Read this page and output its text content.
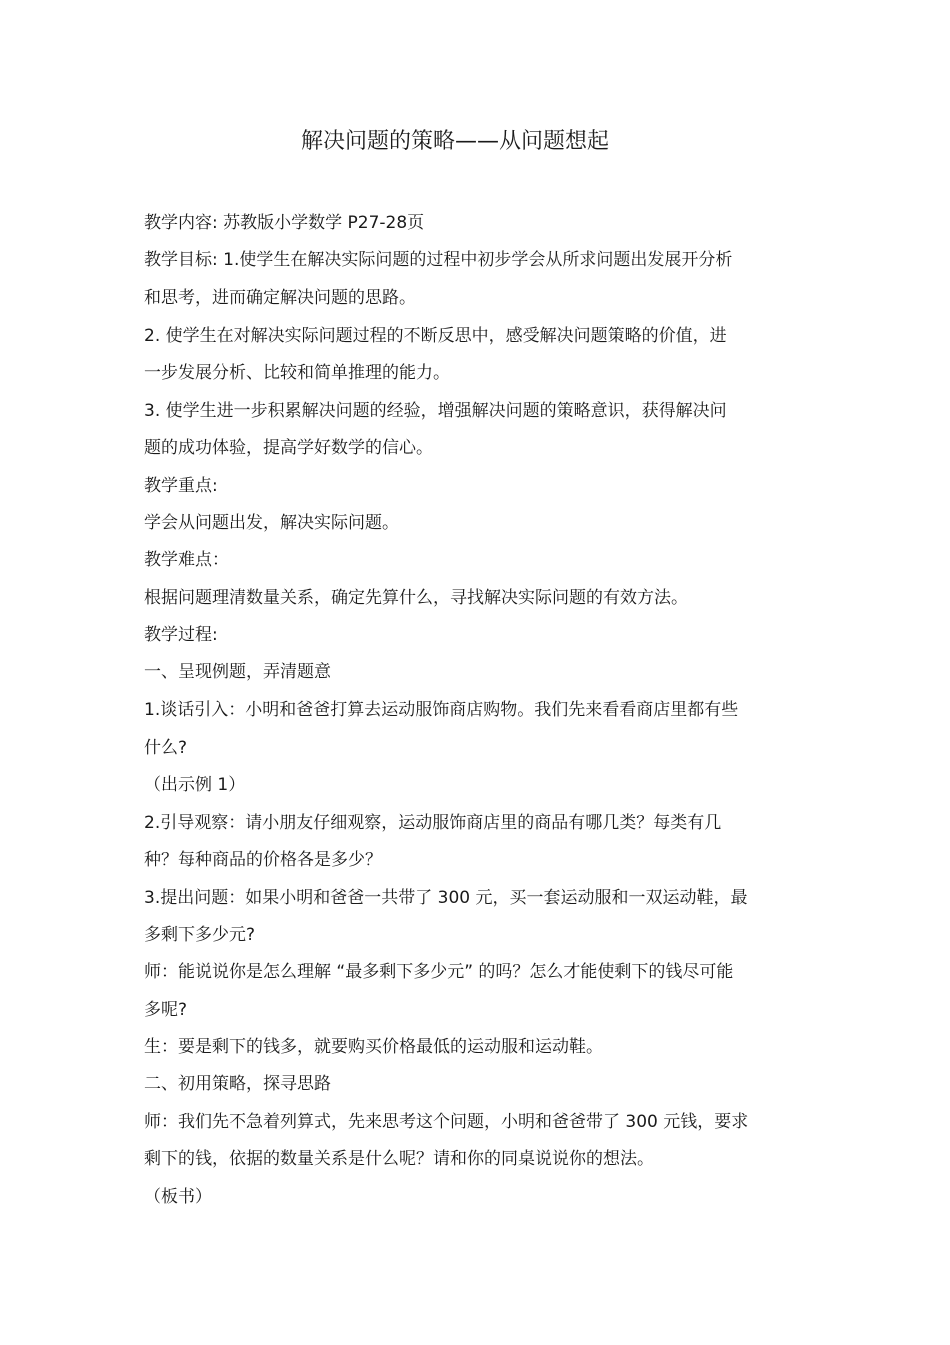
解决问题的策略——从问题想起
教学内容: 苏教版小学数学 P27-28页
教学目标: 1.使学生在解决实际问题的过程中初步学会从所求问题出发展开分析
和思考，进而确定解决问题的思路。
2. 使学生在对解决实际问题过程的不断反思中，感受解决问题策略的价值，进
一步发展分析、比较和简单推理的能力。
3. 使学生进一步积累解决问题的经验，增强解决问题的策略意识，获得解决问
题的成功体验，提高学好数学的信心。
教学重点:
学会从问题出发，解决实际问题。
教学难点：
根据问题理清数量关系，确定先算什么，寻找解决实际问题的有效方法。
教学过程:
一、呈现例题，弄清题意
1.谈话引入：小明和爸爸打算去运动服饰商店购物。我们先来看看商店里都有些
什么?
（出示例 1）
2.引导观察：请小朋友仔细观察，运动服饰商店里的商品有哪几类？每类有几
种？每种商品的价格各是多少？
3.提出问题：如果小明和爸爸一共带了 300 元，买一套运动服和一双运动鞋，最
多剩下多少元?
师：能说说你是怎么理解 “最多剩下多少元” 的吗？怎么才能使剩下的钱尽可能
多呢?
生：要是剩下的钱多，就要购买价格最低的运动服和运动鞋。
二、初用策略，探寻思路
师：我们先不急着列算式，先来思考这个问题，小明和爸爸带了 300 元钱，要求
剩下的钱，依据的数量关系是什么呢？请和你的同桌说说你的想法。
（板书）
